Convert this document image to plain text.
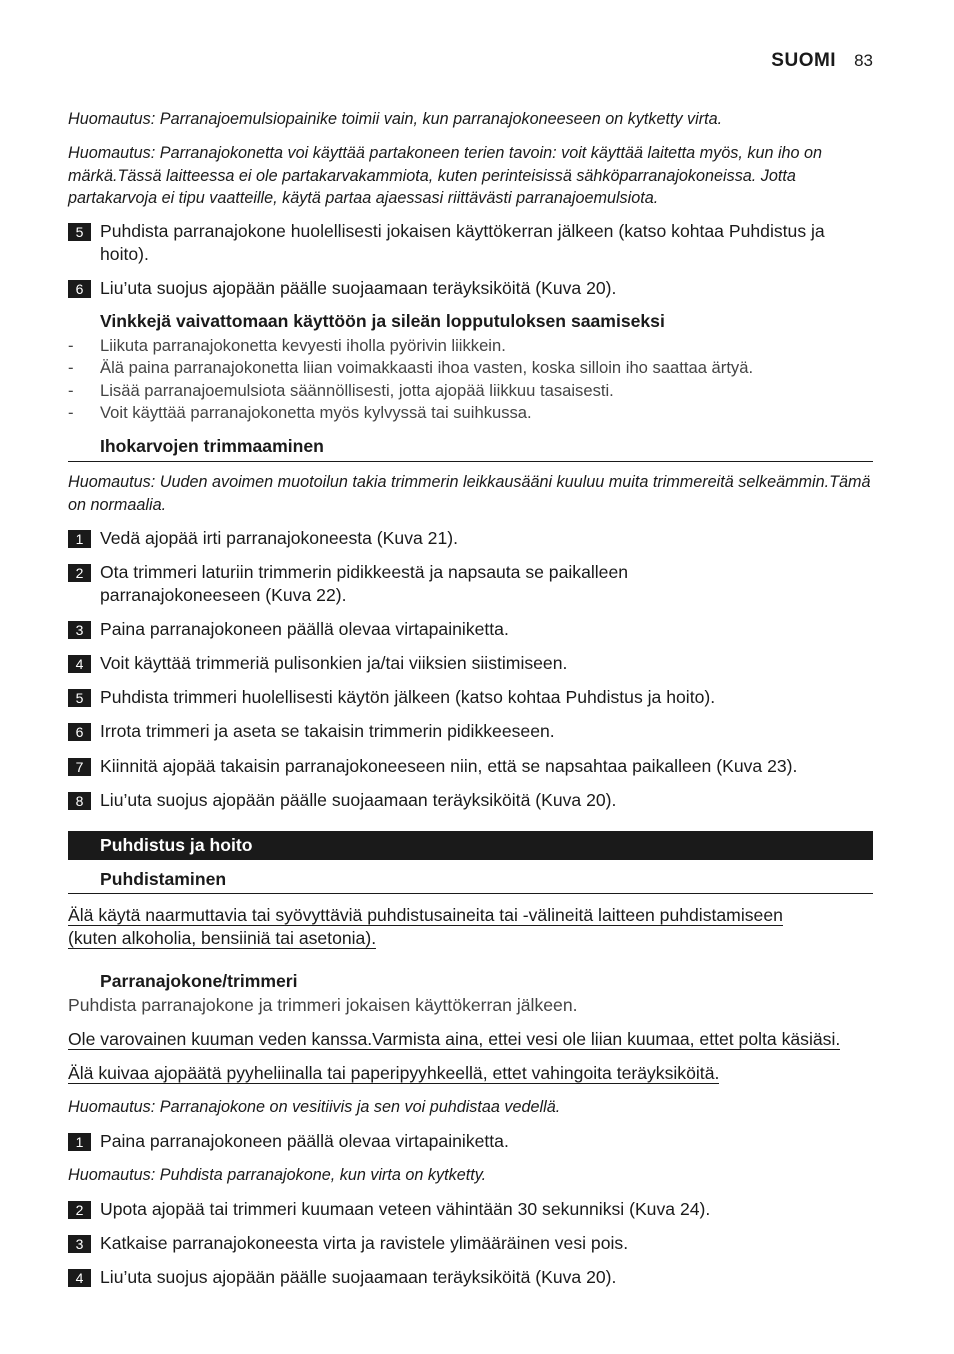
SUOMI 83

Huomautus: Parranajoemulsiopainike toimii vain, kun parranajokoneeseen on kytketty virta.

Huomautus: Parranajokonetta voi käyttää partakoneen terien tavoin: voit käyttää laitetta myös, kun iho on märkä.Tässä laitteessa ei ole partakarvakammiota, kuten perinteisissä sähköparranajokoneissa. Jotta partakarvoja ei tipu vaatteille, käytä partaa ajaessasi riittävästi parranajoemulsiota.

5 Puhdista parranajokone huolellisesti jokaisen käyttökerran jälkeen (katso kohtaa Puhdistus ja hoito).
6 Liu’uta suojus ajopään päälle suojaamaan teräyksiköitä (Kuva 20).
Vinkkejä vaivattomaan käyttöön ja sileän lopputuloksen saamiseksi
- Liikuta parranajokonetta kevyesti iholla pyörivin liikkein.
- Älä paina parranajokonetta liian voimakkaasti ihoa vasten, koska silloin iho saattaa ärtyä.
- Lisää parranajoemulsiota säännöllisesti, jotta ajopää liikkuu tasaisesti.
- Voit käyttää parranajokonetta myös kylvyssä tai suihkussa.
Ihokarvojen trimmaaminen

Huomautus: Uuden avoimen muotoilun takia trimmerin leikkausääni kuuluu muita trimmereitä selkeämmin.Tämä on normaalia.

1 Vedä ajopää irti parranajokoneesta (Kuva 21).
2 Ota trimmeri laturiin trimmerin pidikkeestä ja napsauta se paikalleen parranajokoneeseen (Kuva 22).
3 Paina parranajokoneen päällä olevaa virtapainiketta.
4 Voit käyttää trimmeriä pulisonkien ja/tai viiksien siistimiseen.
5 Puhdista trimmeri huolellisesti käytön jälkeen (katso kohtaa Puhdistus ja hoito).
6 Irrota trimmeri ja aseta se takaisin trimmerin pidikkeeseen.
7 Kiinnitä ajopää takaisin parranajokoneeseen niin, että se napsahtaa paikalleen (Kuva 23).
8 Liu’uta suojus ajopään päälle suojaamaan teräyksiköitä (Kuva 20).
Puhdistus ja hoito
Puhdistaminen
Älä käytä naarmuttavia tai syövyttäviä puhdistusaineita tai -välineitä laitteen puhdistamiseen
(kuten alkoholia, bensiiniä tai asetonia).
Parranajokone/trimmeri
Puhdista parranajokone ja trimmeri jokaisen käyttökerran jälkeen.
Ole varovainen kuuman veden kanssa.Varmista aina, ettei vesi ole liian kuumaa, ettet polta käsiäsi.
Älä kuivaa ajopäätä pyyheliinalla tai paperipyyhkeellä, ettet vahingoita teräyksiköitä.

Huomautus: Parranajokone on vesitiivis ja sen voi puhdistaa vedellä.

1 Paina parranajokoneen päällä olevaa virtapainiketta.

Huomautus: Puhdista parranajokone, kun virta on kytketty.

2 Upota ajopää tai trimmeri kuumaan veteen vähintään 30 sekunniksi (Kuva 24).
3 Katkaise parranajokoneesta virta ja ravistele ylimääräinen vesi pois.
4 Liu’uta suojus ajopään päälle suojaamaan teräyksiköitä (Kuva 20).
